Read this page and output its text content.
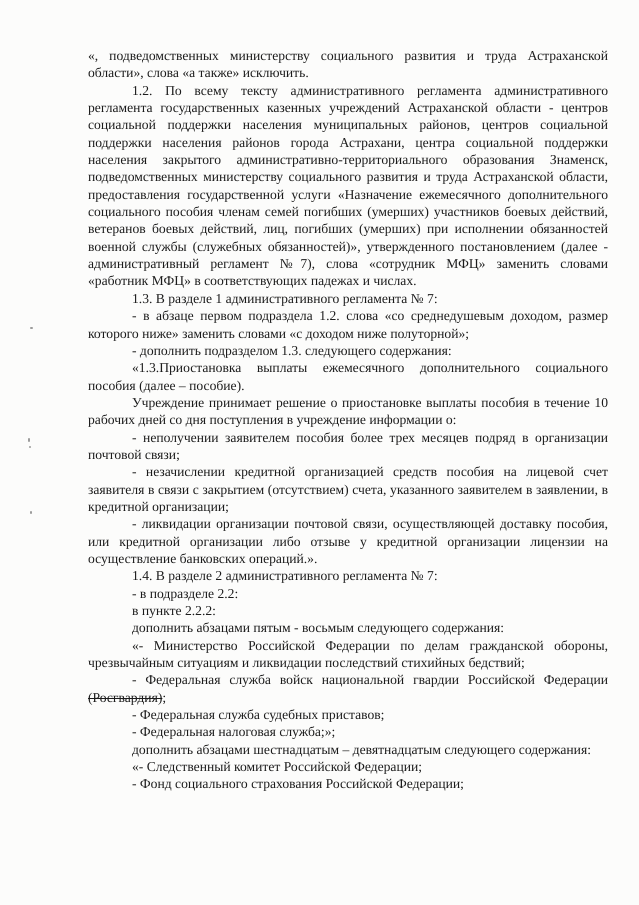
«, подведомственных министерству социального развития и труда Астраханской области», слова «а также» исключить.

1.2. По всему тексту административного регламента административного регламента государственных казенных учреждений Астраханской области - центров социальной поддержки населения муниципальных районов, центров социальной поддержки населения районов города Астрахани, центра социальной поддержки населения закрытого административно-территориального образования Знаменск, подведомственных министерству социального развития и труда Астраханской области, предоставления государственной услуги «Назначение ежемесячного дополнительного социального пособия членам семей погибших (умерших) участников боевых действий, ветеранов боевых действий, лиц, погибших (умерших) при исполнении обязанностей военной службы (служебных обязанностей)», утвержденного постановлением (далее - административный регламент №7), слова «сотрудник МФЦ» заменить словами «работник МФЦ» в соответствующих падежах и числах.

1.3. В разделе 1 административного регламента № 7:

- в абзаце первом подраздела 1.2. слова «со среднедушевым доходом, размер которого ниже» заменить словами «с доходом ниже полуторной»;

- дополнить подразделом 1.3. следующего содержания:

«1.3.Приостановка выплаты ежемесячного дополнительного социального пособия (далее – пособие).

Учреждение принимает решение о приостановке выплаты пособия в течение 10 рабочих дней со дня поступления в учреждение информации о:

- неполучении заявителем пособия более трех месяцев подряд в организации почтовой связи;

- незачислении кредитной организацией средств пособия на лицевой счет заявителя в связи с закрытием (отсутствием) счета, указанного заявителем в заявлении, в кредитной организации;

- ликвидации организации почтовой связи, осуществляющей доставку пособия, или кредитной организации либо отзыве у кредитной организации лицензии на осуществление банковских операций.».

1.4. В разделе 2 административного регламента № 7:

- в подразделе 2.2:

в пункте 2.2.2:

дополнить абзацами пятым - восьмым следующего содержания:

«- Министерство Российской Федерации по делам гражданской обороны, чрезвычайным ситуациям и ликвидации последствий стихийных бедствий;

- Федеральная служба войск национальной гвардии Российской Федерации (Росгвардия);

- Федеральная служба судебных приставов;

- Федеральная налоговая служба;»;

дополнить абзацами шестнадцатым – девятнадцатым следующего содержания:

«- Следственный комитет Российской Федерации;

- Фонд социального страхования Российской Федерации;
